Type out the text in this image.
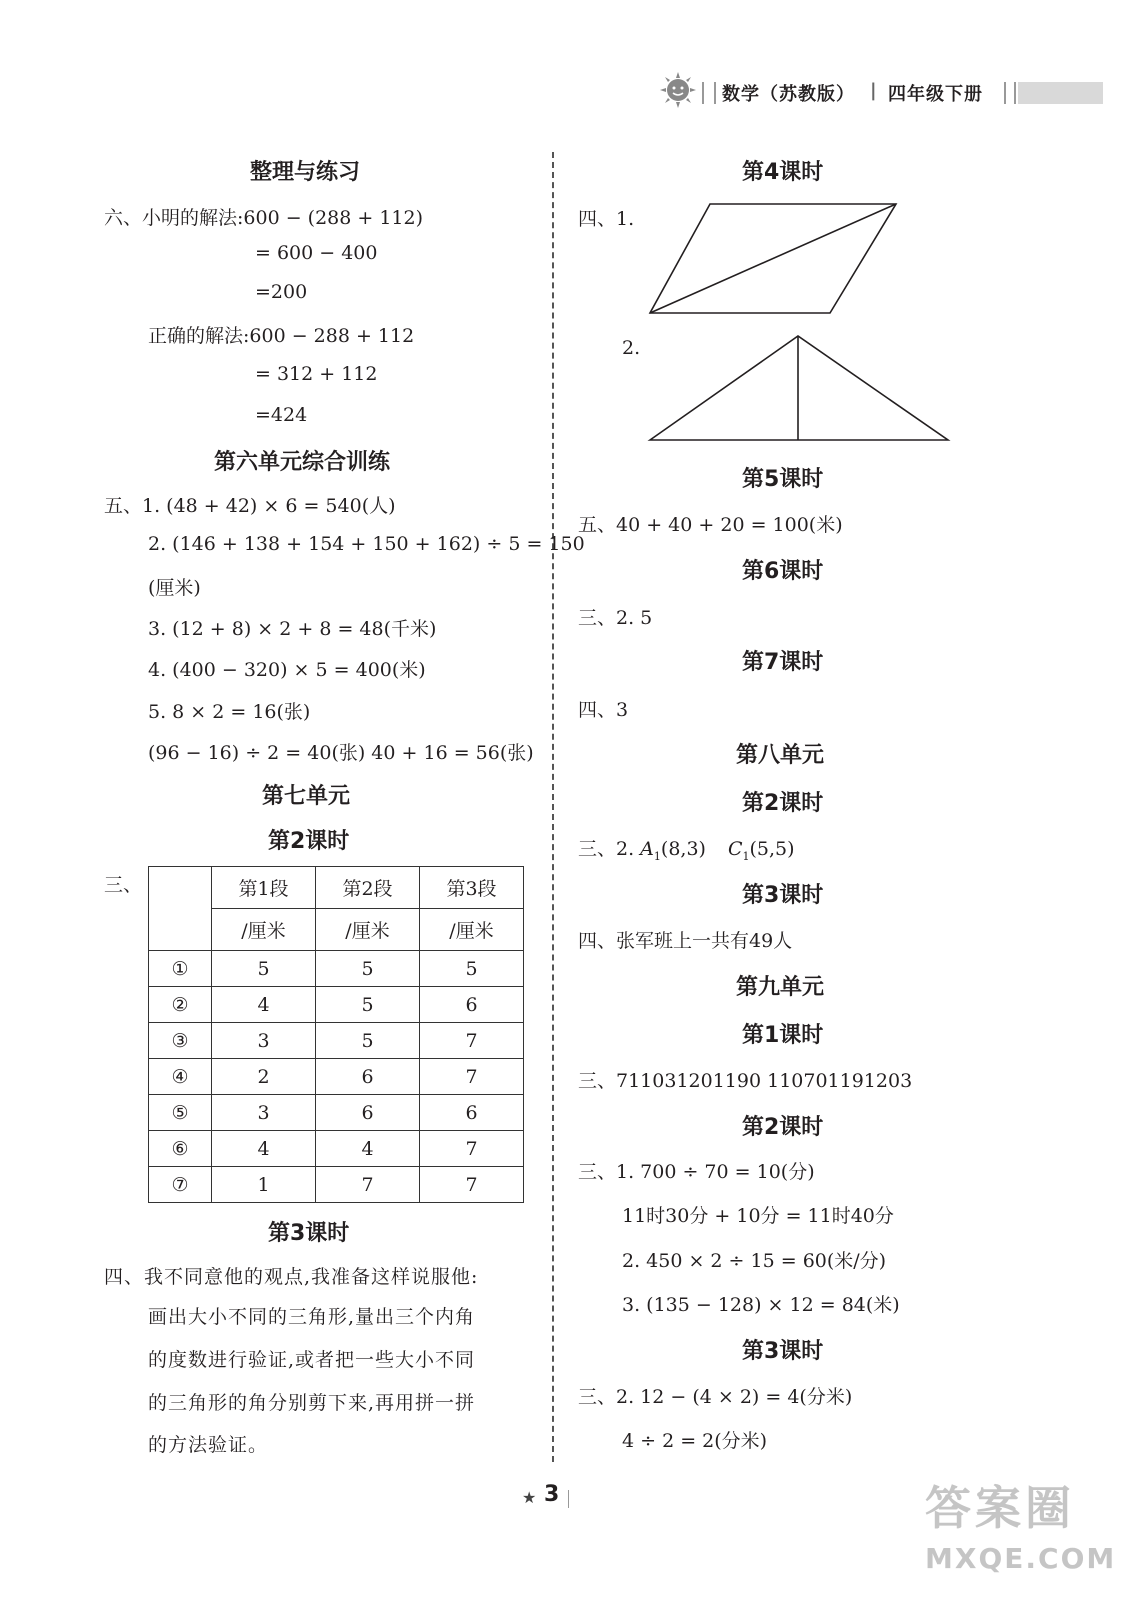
数学（苏教版） | 四年级下册
整理与练习
六、小明的解法:600 − (288 + 112)
= 600 − 400
=200
正确的解法:600 − 288 + 112
= 312 + 112
=424
第六单元综合训练
五、1. (48 + 42) × 6 = 540(人)
2. (146 + 138 + 154 + 150 + 162) ÷ 5 = 150
(厘米)
3. (12 + 8) × 2 + 8 = 48(千米)
4. (400 − 320) × 5 = 400(米)
5. 8 × 2 = 16(张)
(96 − 16) ÷ 2 = 40(张) 40 + 16 = 56(张)
第七单元
第2课时
三、
		第1段	第2段	第3段
	/厘米	/厘米	/厘米
①	5	5	5
②	4	5	6
③	3	5	7
④	2	6	7
⑤	3	6	6
⑥	4	4	7
⑦	1	7	7
第3课时
四、我不同意他的观点,我准备这样说服他:
画出大小不同的三角形,量出三个内角
的度数进行验证,或者把一些大小不同
的三角形的角分别剪下来,再用拼一拼
的方法验证。
第4课时
四、1.
2.
第5课时
五、40 + 40 + 20 = 100(米)
第6课时
三、2. 5
第7课时
四、3
第八单元
第2课时
三、2. $A_1(8,3)$ $C_1(5,5)$
第3课时
四、张军班上一共有49人
第九单元
第1课时
三、711031201190 110701191203
第2课时
三、1. 700 ÷ 70 = 10(分)
11时30分 + 10分 = 11时40分
2. 450 × 2 ÷ 15 = 60(米/分)
3. (135 − 128) × 12 = 84(米)
第3课时
三、2. 12 − (4 × 2) = 4(分米)
4 ÷ 2 = 2(分米)
★ 3	答案圈
MXQE.COM
